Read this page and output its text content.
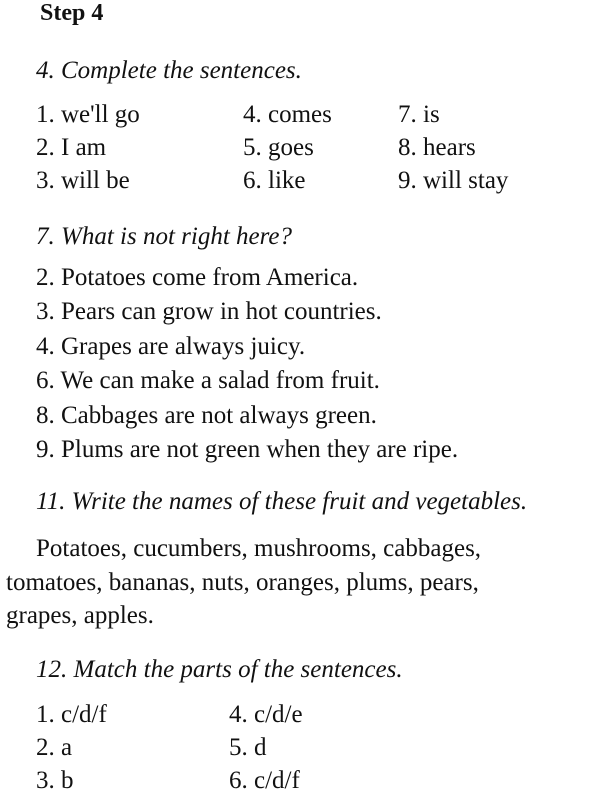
Step 4
4. Complete the sentences.
1. we'll go	4. comes	7. is
2. I am	5. goes	8. hears
3. will be	6. like	9. will stay
7. What is not right here?
2. Potatoes come from America.
3. Pears can grow in hot countries.
4. Grapes are always juicy.
6. We can make a salad from fruit.
8. Cabbages are not always green.
9. Plums are not green when they are ripe.
11. Write the names of these fruit and vegetables.
Potatoes, cucumbers, mushrooms, cabbages,
tomatoes, bananas, nuts, oranges, plums, pears,
grapes, apples.
12. Match the parts of the sentences.
1. c/d/f	4. c/d/e
2. a	5. d
3. b	6. c/d/f
